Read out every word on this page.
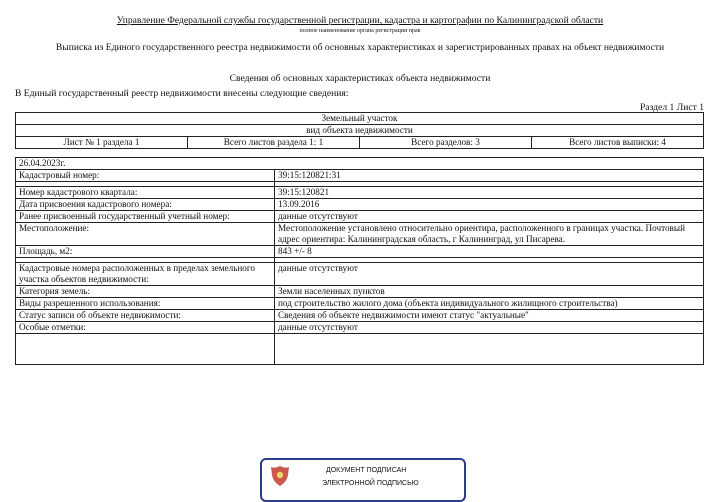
Управление Федеральной службы государственной регистрации, кадастра и картографии по Калининградской области
полное наименование органа регистрации прав
Выписка из Единого государственного реестра недвижимости об основных характеристиках и зарегистрированных правах на объект недвижимости
Сведения об основных характеристиках объекта недвижимости
В Единый государственный реестр недвижимости внесены следующие сведения:
Раздел 1 Лист 1
Земельный участок
вид объекта недвижимости
Лист № 1 раздела 1	Всего листов раздела 1: 1	Всего разделов: 3	Всего листов выписки: 4
26.04.2023г.	
Кадастровый номер:	39:15:120821:31

Номер кадастрового квартала:	39:15:120821
Дата присвоения кадастрового номера:	13.09.2016
Ранее присвоенный государственный учетный номер:	данные отсутствуют
Местоположение:	Местоположение установлено относительно ориентира, расположенного в границах участка. Почтовый адрес ориентира: Калининградская область, г Калининград, ул Писарева.
Площадь, м2:	843 +/- 8

Кадастровые номера расположенных в пределах земельного участка объектов недвижимости:	данные отсутствуют
Категория земель:	Земли населенных пунктов
Виды разрешенного использования:	под строительство жилого дома (объекта индивидуального жилищного строительства)
Статус записи об объекте недвижимости:	Сведения об объекте недвижимости имеют статус "актуальные"
Особые отметки:	данные отсутствуют

ДОКУМЕНТ ПОДПИСАН
ЭЛЕКТРОННОЙ ПОДПИСЬЮ
